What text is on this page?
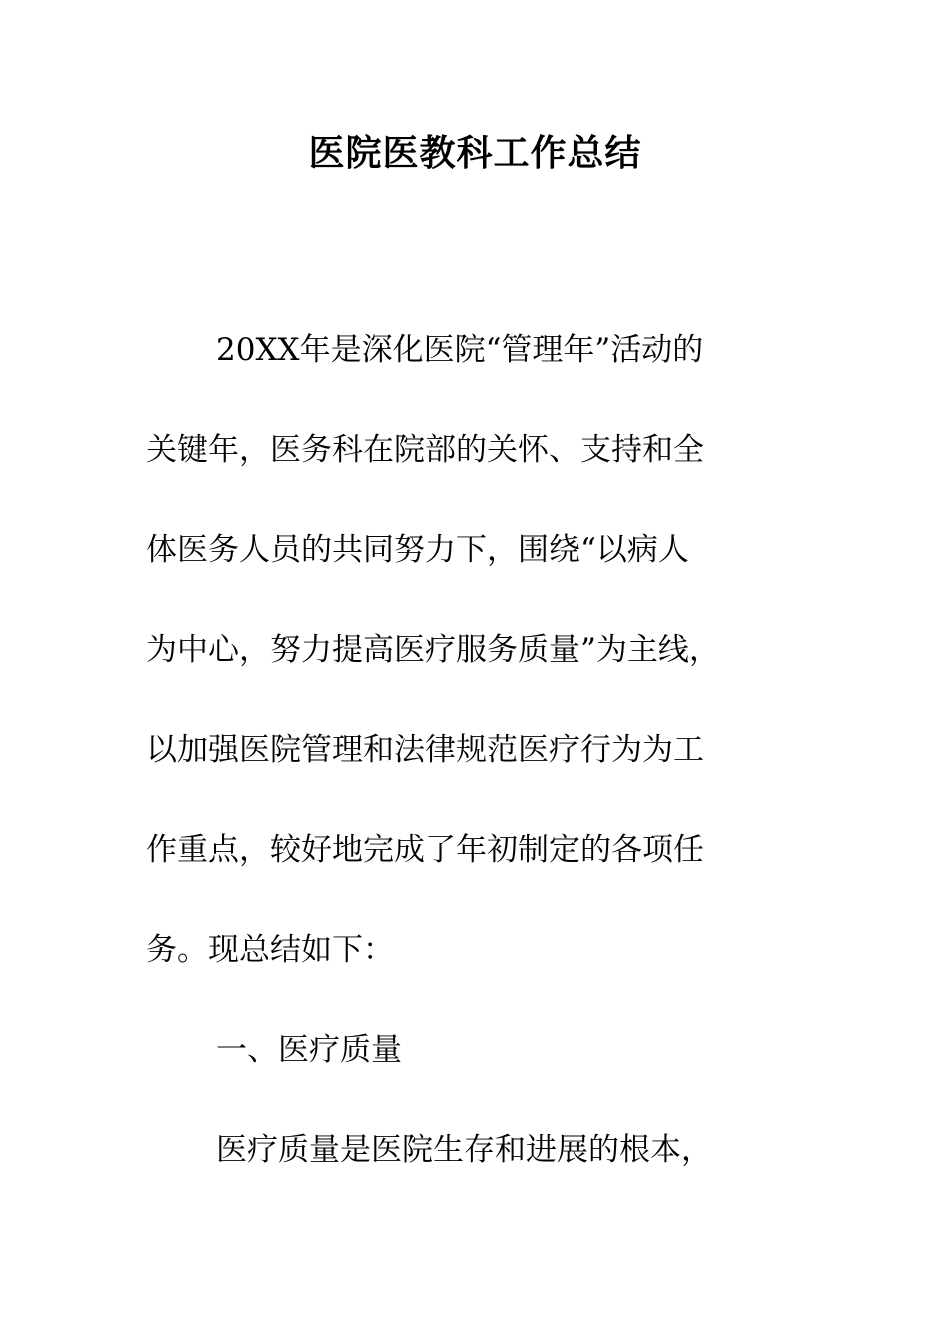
医院医教科工作总结
20XX年是深化医院“管理年”活动的
关键年，医务科在院部的关怀、支持和全
体医务人员的共同努力下，围绕“以病人
为中心，努力提高医疗服务质量”为主线，
以加强医院管理和法律规范医疗行为为工
作重点，较好地完成了年初制定的各项任
务。现总结如下：
一、医疗质量
医疗质量是医院生存和进展的根本，
